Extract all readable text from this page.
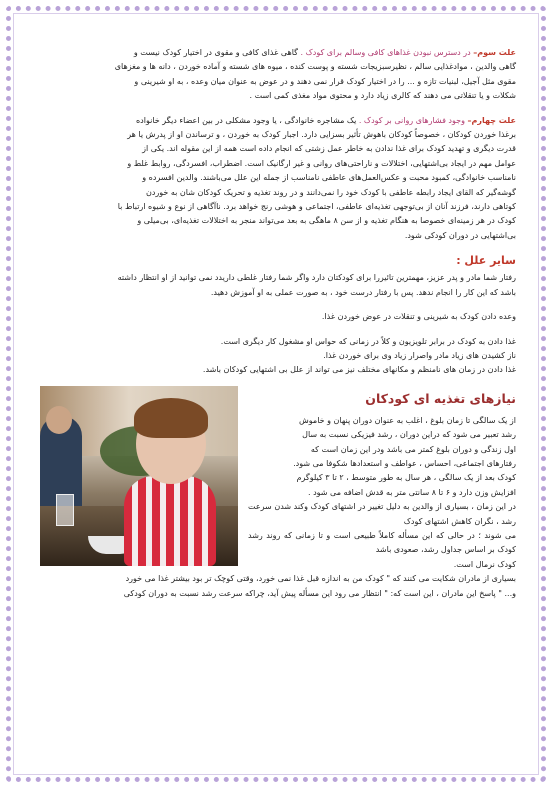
علت سوم– در دسترس نبودن غذاهای کافی وسالم برای کودک . گاهی غذای کافی و مقوی در اختیار کودک نیست و

گاهی والدین ، موادغذایی سالم ، نظیرسبزیجات شسته و پوست کنده ، میوه های شسته و آماده خوردن ، دانه ها و مغزهای

مقوی مثل آجیل، لبنیات تازه و ... را در اختیار کودک قرار نمی دهند و در عوض به عنوان میان وعده ، به او شیرینی و

شکلات و یا تنقلاتی می دهند که کالری زیاد دارد و محتوی مواد مغذی کمی است .

علت چهارم– وجود فشارهای روانی بر کودک . یک مشاجره خانوادگی ، یا وجود مشکلی در بین اعضاء دیگر خانواده

برغذا خوردن کودکان ، خصوصاً کودکان باهوش تأثیر بسزایی دارد. اجبار کودک به خوردن ، و ترساندن او از پدرش یا هر

قدرت دیگری و تهدید کودک برای غذا ندادن به خاطر عمل زشتی که انجام داده است همه از این مقوله اند. یکی از

عوامل مهم در ایجاد بی‌اشتهایی، اختلالات و ناراحتی‌های روانی و غیر ارگانیک است. اضطراب، افسردگی، روابط غلط و

نامناسب خانوادگی، کمبود محبت و عکس‌العمل‌های عاطفی نامناسب از جمله این علل می‌باشند. والدین افسرده و

گوشه‌گیر که القای ایجاد رابطه عاطفی با کودک خود را نمی‌دانند و در روند تغذیه و تحریک کودکان شان به خوردن

کوتاهی دارند، فرزند آنان از بی‌توجهی تغذیه‌ای عاطفی، اجتماعی و هوشی رنج خواهد برد. ناآگاهی از نوع و شیوه ارتباط با

کودک در هر زمینه‌ای خصوصا به هنگام تغذیه و از سن ۸ ماهگی به بعد می‌تواند منجر به اختلالات تغذیه‌ای، بی‌میلی و

بی‌اشتهایی در دوران کودکی شود.

سایر علل :

رفتار شما مادر و پدر عزیز، مهمترین تائیررا برای کودکتان دارد واگر شما رفتار غلطی داریدد نمی توانید از او انتظار داشته

باشد که این کار را انجام ندهد. پس با رفتار درست خود ، به صورت عملی به او آموزش دهید.

وعده دادن کودک به شیرینی و تنقلات در عوض خوردن غذا.

غذا دادن به کودک در برابر تلویزیون و کلاً در زمانی که حواس او مشغول کار دیگری است.

ناز کشیدن های زیاد مادر واصرار زیاد وی برای خوردن غذا.

غذا دادن در زمان های نامنظم و مکانهای مختلف نیز می تواند از علل بی اشتهایی کودکان باشد.

نیازهای تغذیه ای کودکان

از یک سالگی تا زمان بلوغ ، اغلب به عنوان دوران پنهان و خاموش

رشد تعبیر می شود که دراین دوران ، رشد فیزیکی نسبت به سال

اول زندگی و دوران بلوغ کمتر می باشد ودر این زمان است که

رفتارهای اجتماعی، احساس ، عواطف و استعدادها شکوفا می شود.

کودک بعد از یک سالگی ، هر سال به طور متوسط ، ۲ تا ۳ کیلوگرم

افزایش وزن دارد و ۶ تا ۸ سانتی متر به قدش اضافه می شود .

در این زمان ، بسیاری از والدین به دلیل تغییر در اشتهای کودک وکند شدن سرعت رشد ، نگران کاهش اشتهای کودک

می شوند ؛ در حالی که این مسأله کاملاً طبیعی است و تا زمانی که روند رشد کودک بر اساس جداول رشد، صعودی باشد

کودک نرمال است.

بسیاری از مادران شکایت می کنند که " کودک من به اندازه قبل غذا نمی خورد، وقتی کوچک تر بود بیشتر غذا می خورد

و... " پاسخ این مادران ، این است که: " انتظار می رود این مسأله پیش آید، چراکه سرعت رشد نسبت به دوران کودکی
